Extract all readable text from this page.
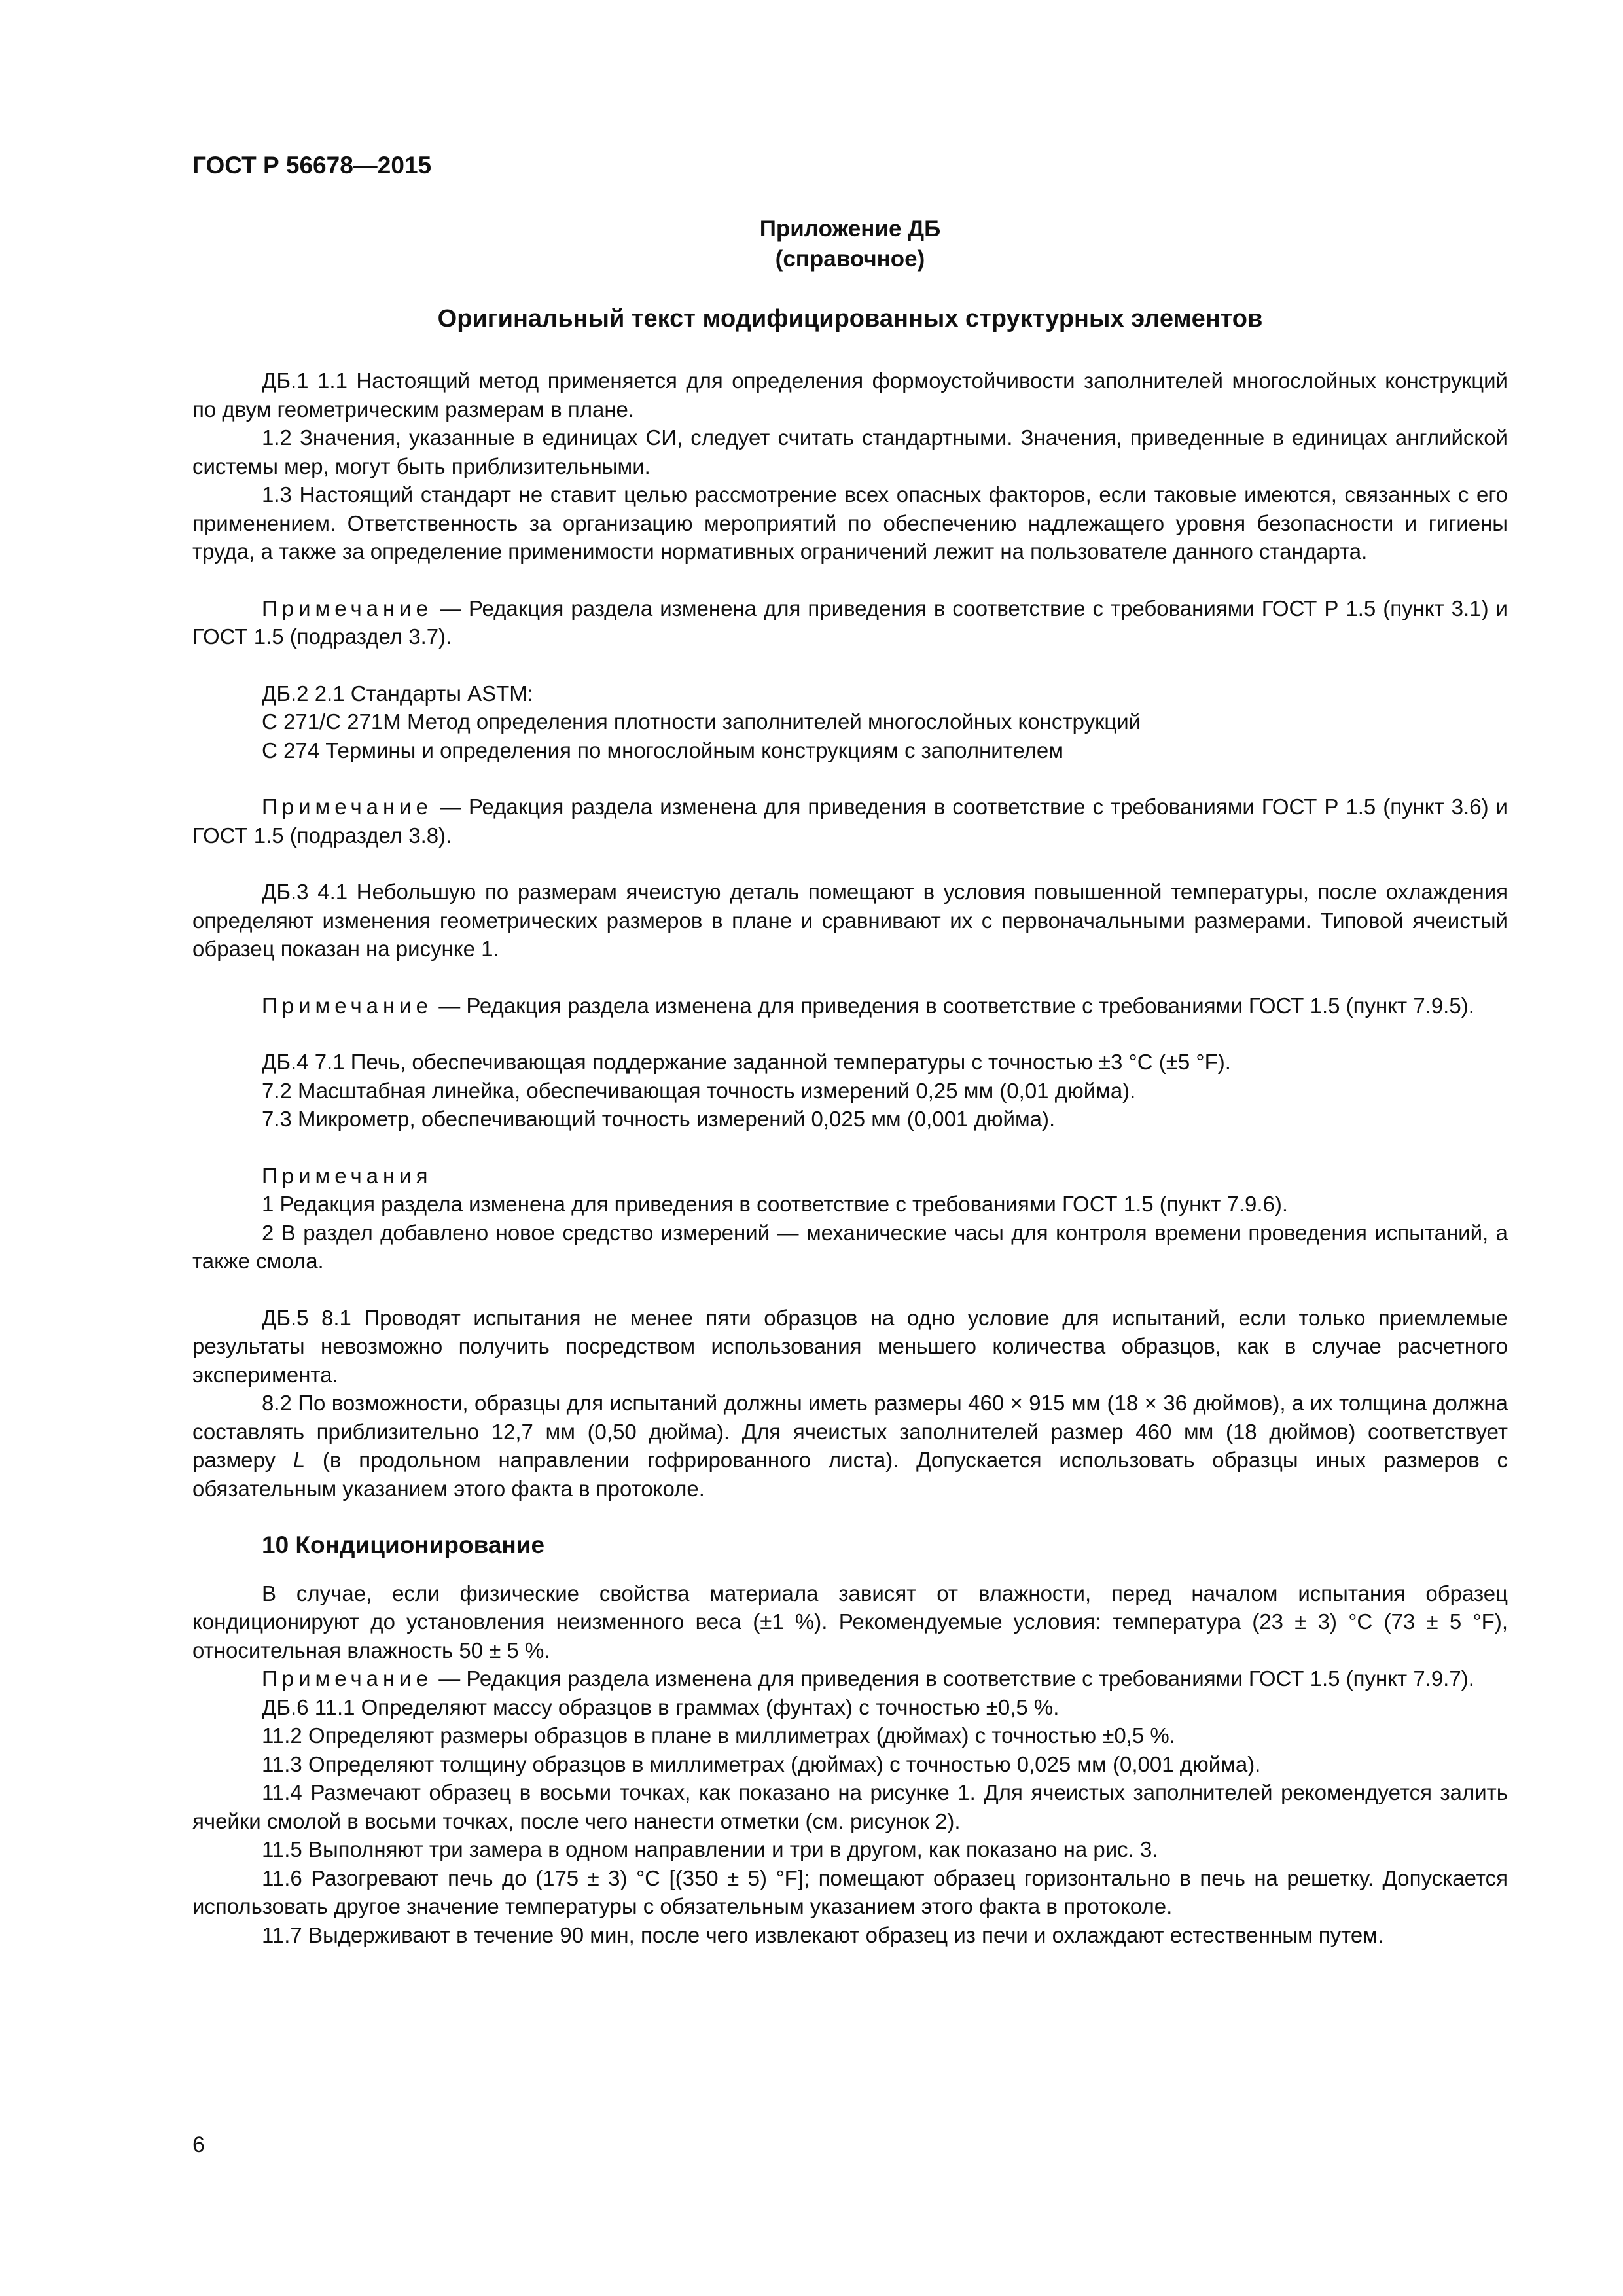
ГОСТ Р 56678—2015
Приложение ДБ
(справочное)
Оригинальный текст модифицированных структурных элементов

ДБ.1 1.1 Настоящий метод применяется для определения формоустойчивости заполнителей многослойных конструкций по двум геометрическим размерам в плане.

1.2 Значения, указанные в единицах СИ, следует считать стандартными. Значения, приведенные в единицах английской системы мер, могут быть приблизительными.

1.3 Настоящий стандарт не ставит целью рассмотрение всех опасных факторов, если таковые имеются, связанных с его применением. Ответственность за организацию мероприятий по обеспечению надлежащего уровня безопасности и гигиены труда, а также за определение применимости нормативных ограничений лежит на пользователе данного стандарта.

Примечание — Редакция раздела изменена для приведения в соответствие с требованиями ГОСТ Р 1.5 (пункт 3.1) и ГОСТ 1.5 (подраздел 3.7).

ДБ.2 2.1 Стандарты ASTM:

С 271/С 271M Метод определения плотности заполнителей многослойных конструкций

С 274 Термины и определения по многослойным конструкциям с заполнителем

Примечание — Редакция раздела изменена для приведения в соответствие с требованиями ГОСТ Р 1.5 (пункт 3.6) и ГОСТ 1.5 (подраздел 3.8).

ДБ.3 4.1 Небольшую по размерам ячеистую деталь помещают в условия повышенной температуры, после охлаждения определяют изменения геометрических размеров в плане и сравнивают их с первоначальными размерами. Типовой ячеистый образец показан на рисунке 1.

Примечание — Редакция раздела изменена для приведения в соответствие с требованиями ГОСТ 1.5 (пункт 7.9.5).

ДБ.4 7.1 Печь, обеспечивающая поддержание заданной температуры с точностью ±3 °С (±5 °F).

7.2 Масштабная линейка, обеспечивающая точность измерений 0,25 мм (0,01 дюйма).

7.3 Микрометр, обеспечивающий точность измерений 0,025 мм (0,001 дюйма).

Примечания

1 Редакция раздела изменена для приведения в соответствие с требованиями ГОСТ 1.5 (пункт 7.9.6).

2 В раздел добавлено новое средство измерений — механические часы для контроля времени проведения испытаний, а также смола.

ДБ.5 8.1 Проводят испытания не менее пяти образцов на одно условие для испытаний, если только приемлемые результаты невозможно получить посредством использования меньшего количества образцов, как в случае расчетного эксперимента.

8.2 По возможности, образцы для испытаний должны иметь размеры 460 × 915 мм (18 × 36 дюймов), а их толщина должна составлять приблизительно 12,7 мм (0,50 дюйма). Для ячеистых заполнителей размер 460 мм (18 дюймов) соответствует размеру L (в продольном направлении гофрированного листа). Допускается использовать образцы иных размеров с обязательным указанием этого факта в протоколе.

10 Кондиционирование

В случае, если физические свойства материала зависят от влажности, перед началом испытания образец кондиционируют до установления неизменного веса (±1 %). Рекомендуемые условия: температура (23 ± 3) °С (73 ± 5 °F), относительная влажность 50 ± 5 %.

Примечание — Редакция раздела изменена для приведения в соответствие с требованиями ГОСТ 1.5 (пункт 7.9.7).

ДБ.6 11.1 Определяют массу образцов в граммах (фунтах) с точностью ±0,5 %.

11.2 Определяют размеры образцов в плане в миллиметрах (дюймах) с точностью ±0,5 %.

11.3 Определяют толщину образцов в миллиметрах (дюймах) с точностью 0,025 мм (0,001 дюйма).

11.4 Размечают образец в восьми точках, как показано на рисунке 1. Для ячеистых заполнителей рекомендуется залить ячейки смолой в восьми точках, после чего нанести отметки (см. рисунок 2).

11.5 Выполняют три замера в одном направлении и три в другом, как показано на рис. 3.

11.6 Разогревают печь до (175 ± 3) °С [(350 ± 5) °F]; помещают образец горизонтально в печь на решетку. Допускается использовать другое значение температуры с обязательным указанием этого факта в протоколе.

11.7 Выдерживают в течение 90 мин, после чего извлекают образец из печи и охлаждают естественным путем.

6
